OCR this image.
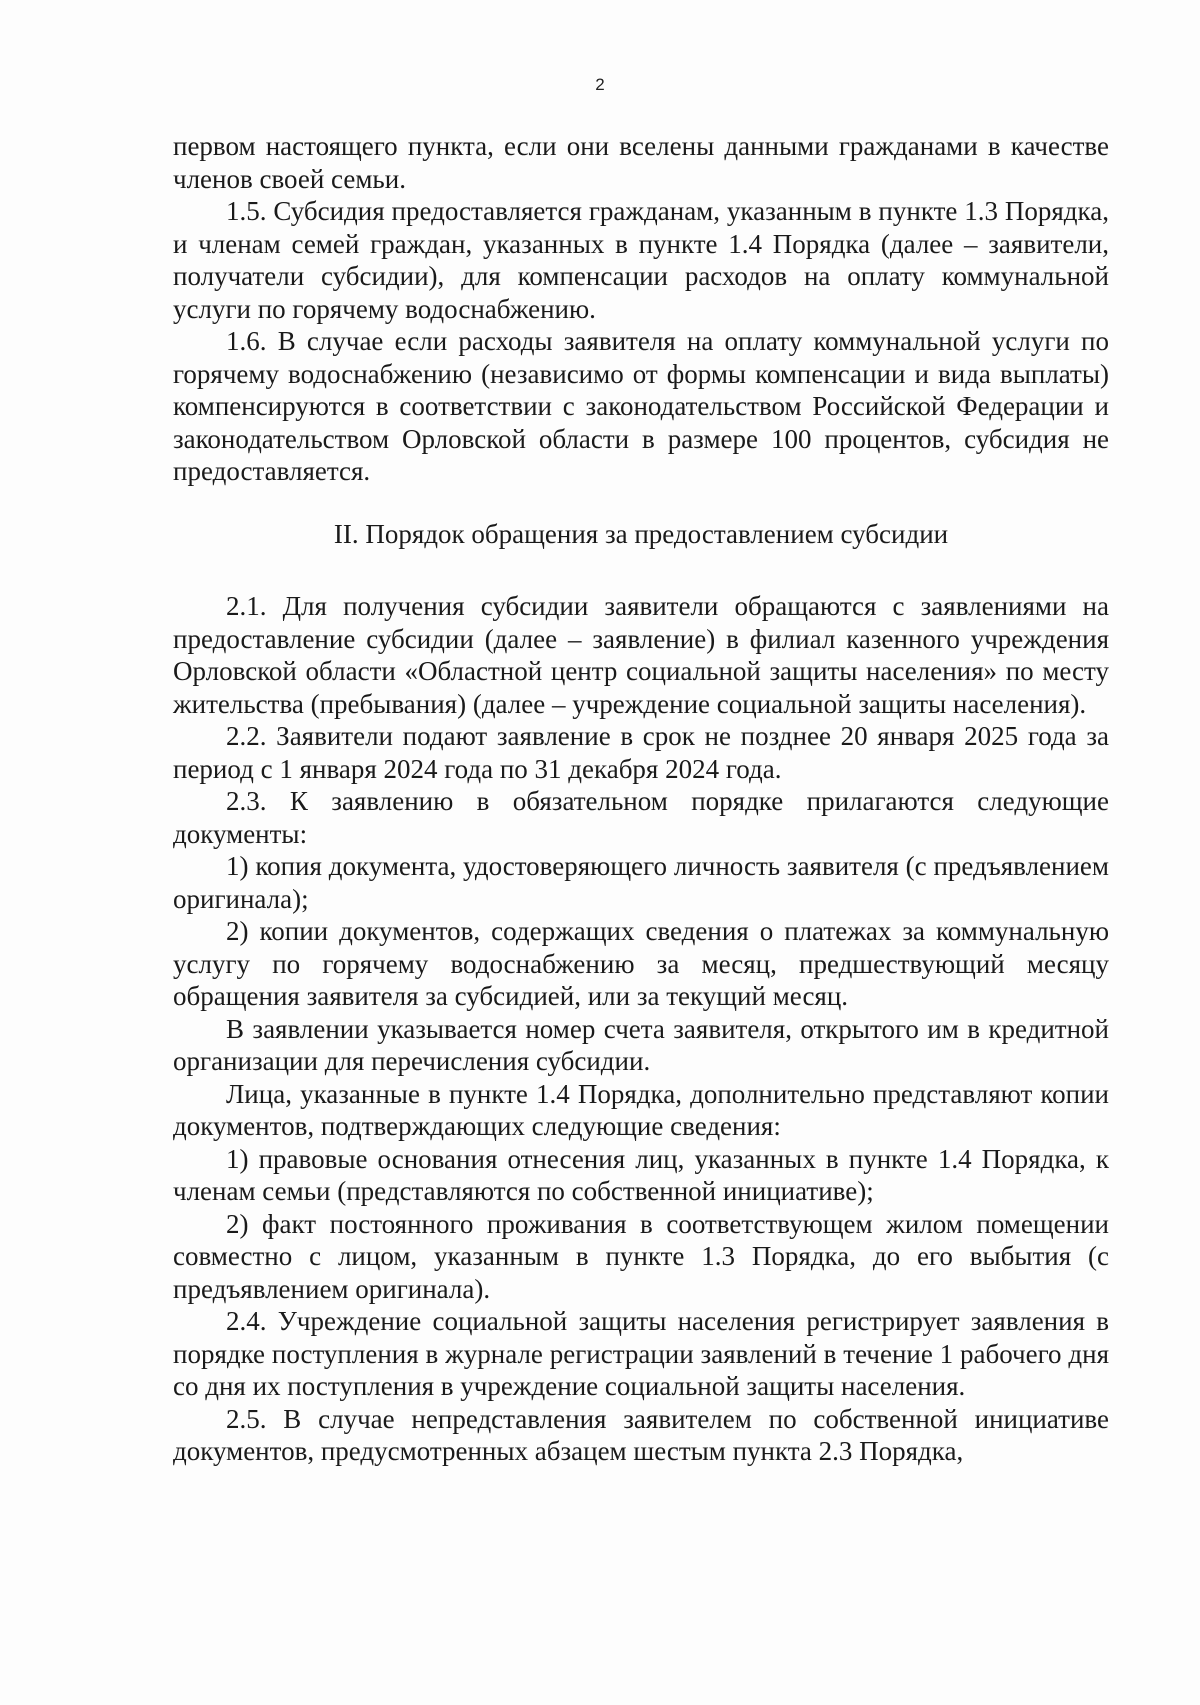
2

первом настоящего пункта, если они вселены данными гражданами в качестве членов своей семьи.

1.5. Субсидия предоставляется гражданам, указанным в пункте 1.3 Порядка, и членам семей граждан, указанных в пункте 1.4 Порядка (далее – заявители, получатели субсидии), для компенсации расходов на оплату коммунальной услуги по горячему водоснабжению.

1.6. В случае если расходы заявителя на оплату коммунальной услуги по горячему водоснабжению (независимо от формы компенсации и вида выплаты) компенсируются в соответствии с законодательством Российской Федерации и законодательством Орловской области в размере 100 процентов, субсидия не предоставляется.

II. Порядок обращения за предоставлением субсидии

2.1. Для получения субсидии заявители обращаются с заявлениями на предоставление субсидии (далее – заявление) в филиал казенного учреждения Орловской области «Областной центр социальной защиты населения» по месту жительства (пребывания) (далее – учреждение социальной защиты населения).

2.2. Заявители подают заявление в срок не позднее 20 января 2025 года за период с 1 января 2024 года по 31 декабря 2024 года.

2.3. К заявлению в обязательном порядке прилагаются следующие документы:

1) копия документа, удостоверяющего личность заявителя (с предъявлением оригинала);

2) копии документов, содержащих сведения о платежах за коммунальную услугу по горячему водоснабжению за месяц, предшествующий месяцу обращения заявителя за субсидией, или за текущий месяц.

В заявлении указывается номер счета заявителя, открытого им в кредитной организации для перечисления субсидии.

Лица, указанные в пункте 1.4 Порядка, дополнительно представляют копии документов, подтверждающих следующие сведения:

1) правовые основания отнесения лиц, указанных в пункте 1.4 Порядка, к членам семьи (представляются по собственной инициативе);

2) факт постоянного проживания в соответствующем жилом помещении совместно с лицом, указанным в пункте 1.3 Порядка, до его выбытия (с предъявлением оригинала).

2.4. Учреждение социальной защиты населения регистрирует заявления в порядке поступления в журнале регистрации заявлений в течение 1 рабочего дня со дня их поступления в учреждение социальной защиты населения.

2.5. В случае непредставления заявителем по собственной инициативе документов, предусмотренных абзацем шестым пункта 2.3 Порядка,
